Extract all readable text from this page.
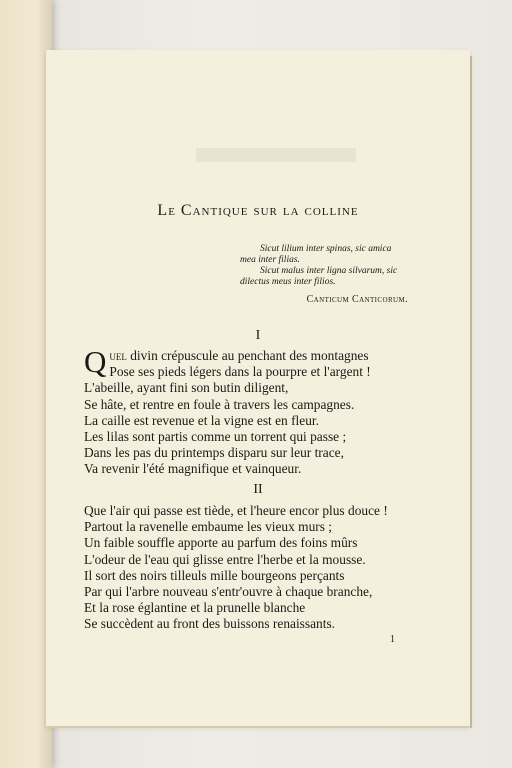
Le Cantique sur la colline
Sicut lilium inter spinas, sic amica
mea inter filias.
Sicut malus inter ligna silvarum, sic
dilectus meus inter filios.
Canticum Canticorum.
I
Quel divin crépuscule au penchant des montagnes
Pose ses pieds légers dans la pourpre et l'argent !
L'abeille, ayant fini son butin diligent,
Se hâte, et rentre en foule à travers les campagnes.
La caille est revenue et la vigne est en fleur.
Les lilas sont partis comme un torrent qui passe ;
Dans les pas du printemps disparu sur leur trace,
Va revenir l'été magnifique et vainqueur.
II
Que l'air qui passe est tiède, et l'heure encor plus douce !
Partout la ravenelle embaume les vieux murs ;
Un faible souffle apporte au parfum des foins mûrs
L'odeur de l'eau qui glisse entre l'herbe et la mousse.
Il sort des noirs tilleuls mille bourgeons perçants
Par qui l'arbre nouveau s'entr'ouvre à chaque branche,
Et la rose églantine et la prunelle blanche
Se succèdent au front des buissons renaissants.
1
